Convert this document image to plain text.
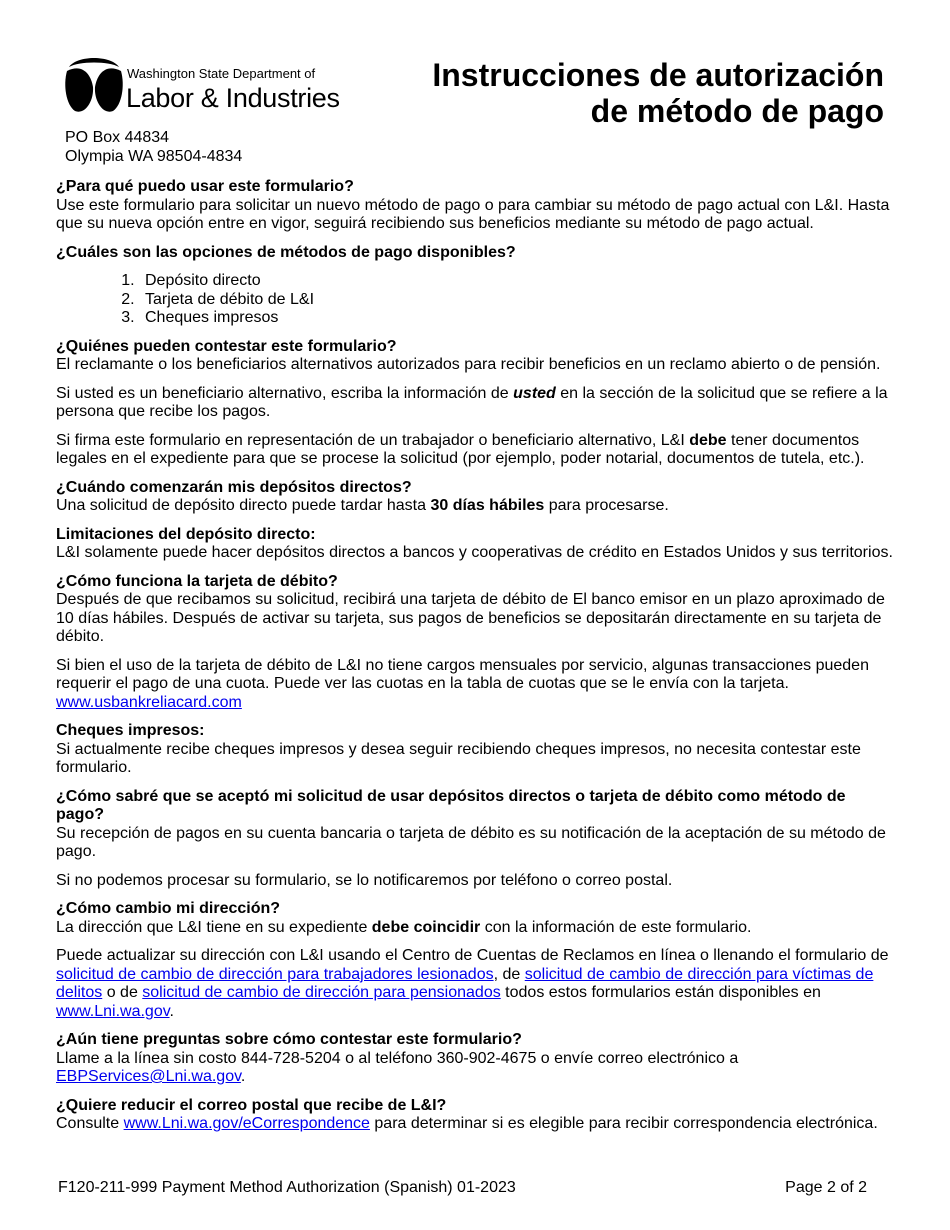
Washington State Department of
Labor & Industries
Instrucciones de autorización
de método de pago
PO Box 44834
Olympia WA 98504-4834
¿Para qué puedo usar este formulario?
Use este formulario para solicitar un nuevo método de pago o para cambiar su método de pago actual con L&I. Hasta que su nueva opción entre en vigor, seguirá recibiendo sus beneficios mediante su método de pago actual.
¿Cuáles son las opciones de métodos de pago disponibles?
1. Depósito directo
2. Tarjeta de débito de L&I
3. Cheques impresos
¿Quiénes pueden contestar este formulario?
El reclamante o los beneficiarios alternativos autorizados para recibir beneficios en un reclamo abierto o de pensión.

Si usted es un beneficiario alternativo, escriba la información de usted en la sección de la solicitud que se refiere a la persona que recibe los pagos.

Si firma este formulario en representación de un trabajador o beneficiario alternativo, L&I debe tener documentos legales en el expediente para que se procese la solicitud (por ejemplo, poder notarial, documentos de tutela, etc.).

¿Cuándo comenzarán mis depósitos directos?
Una solicitud de depósito directo puede tardar hasta 30 días hábiles para procesarse.
Limitaciones del depósito directo:
L&I solamente puede hacer depósitos directos a bancos y cooperativas de crédito en Estados Unidos y sus territorios.
¿Cómo funciona la tarjeta de débito?
Después de que recibamos su solicitud, recibirá una tarjeta de débito de El banco emisor en un plazo aproximado de 10 días hábiles. Después de activar su tarjeta, sus pagos de beneficios se depositarán directamente en su tarjeta de débito.

Si bien el uso de la tarjeta de débito de L&I no tiene cargos mensuales por servicio, algunas transacciones pueden requerir el pago de una cuota. Puede ver las cuotas en la tabla de cuotas que se le envía con la tarjeta.
www.usbankreliacard.com

Cheques impresos:
Si actualmente recibe cheques impresos y desea seguir recibiendo cheques impresos, no necesita contestar este formulario.
¿Cómo sabré que se aceptó mi solicitud de usar depósitos directos o tarjeta de débito como método de pago?
Su recepción de pagos en su cuenta bancaria o tarjeta de débito es su notificación de la aceptación de su método de pago.

Si no podemos procesar su formulario, se lo notificaremos por teléfono o correo postal.

¿Cómo cambio mi dirección?
La dirección que L&I tiene en su expediente debe coincidir con la información de este formulario.

Puede actualizar su dirección con L&I usando el Centro de Cuentas de Reclamos en línea o llenando el formulario de solicitud de cambio de dirección para trabajadores lesionados, de solicitud de cambio de dirección para víctimas de delitos o de solicitud de cambio de dirección para pensionados todos estos formularios están disponibles en www.Lni.wa.gov.

¿Aún tiene preguntas sobre cómo contestar este formulario?
Llame a la línea sin costo 844-728-5204 o al teléfono 360-902-4675 o envíe correo electrónico a EBPServices@Lni.wa.gov.
¿Quiere reducir el correo postal que recibe de L&I?
Consulte www.Lni.wa.gov/eCorrespondence para determinar si es elegible para recibir correspondencia electrónica.
F120-211-999 Payment Method Authorization (Spanish) 01-2023	Page 2 of 2
